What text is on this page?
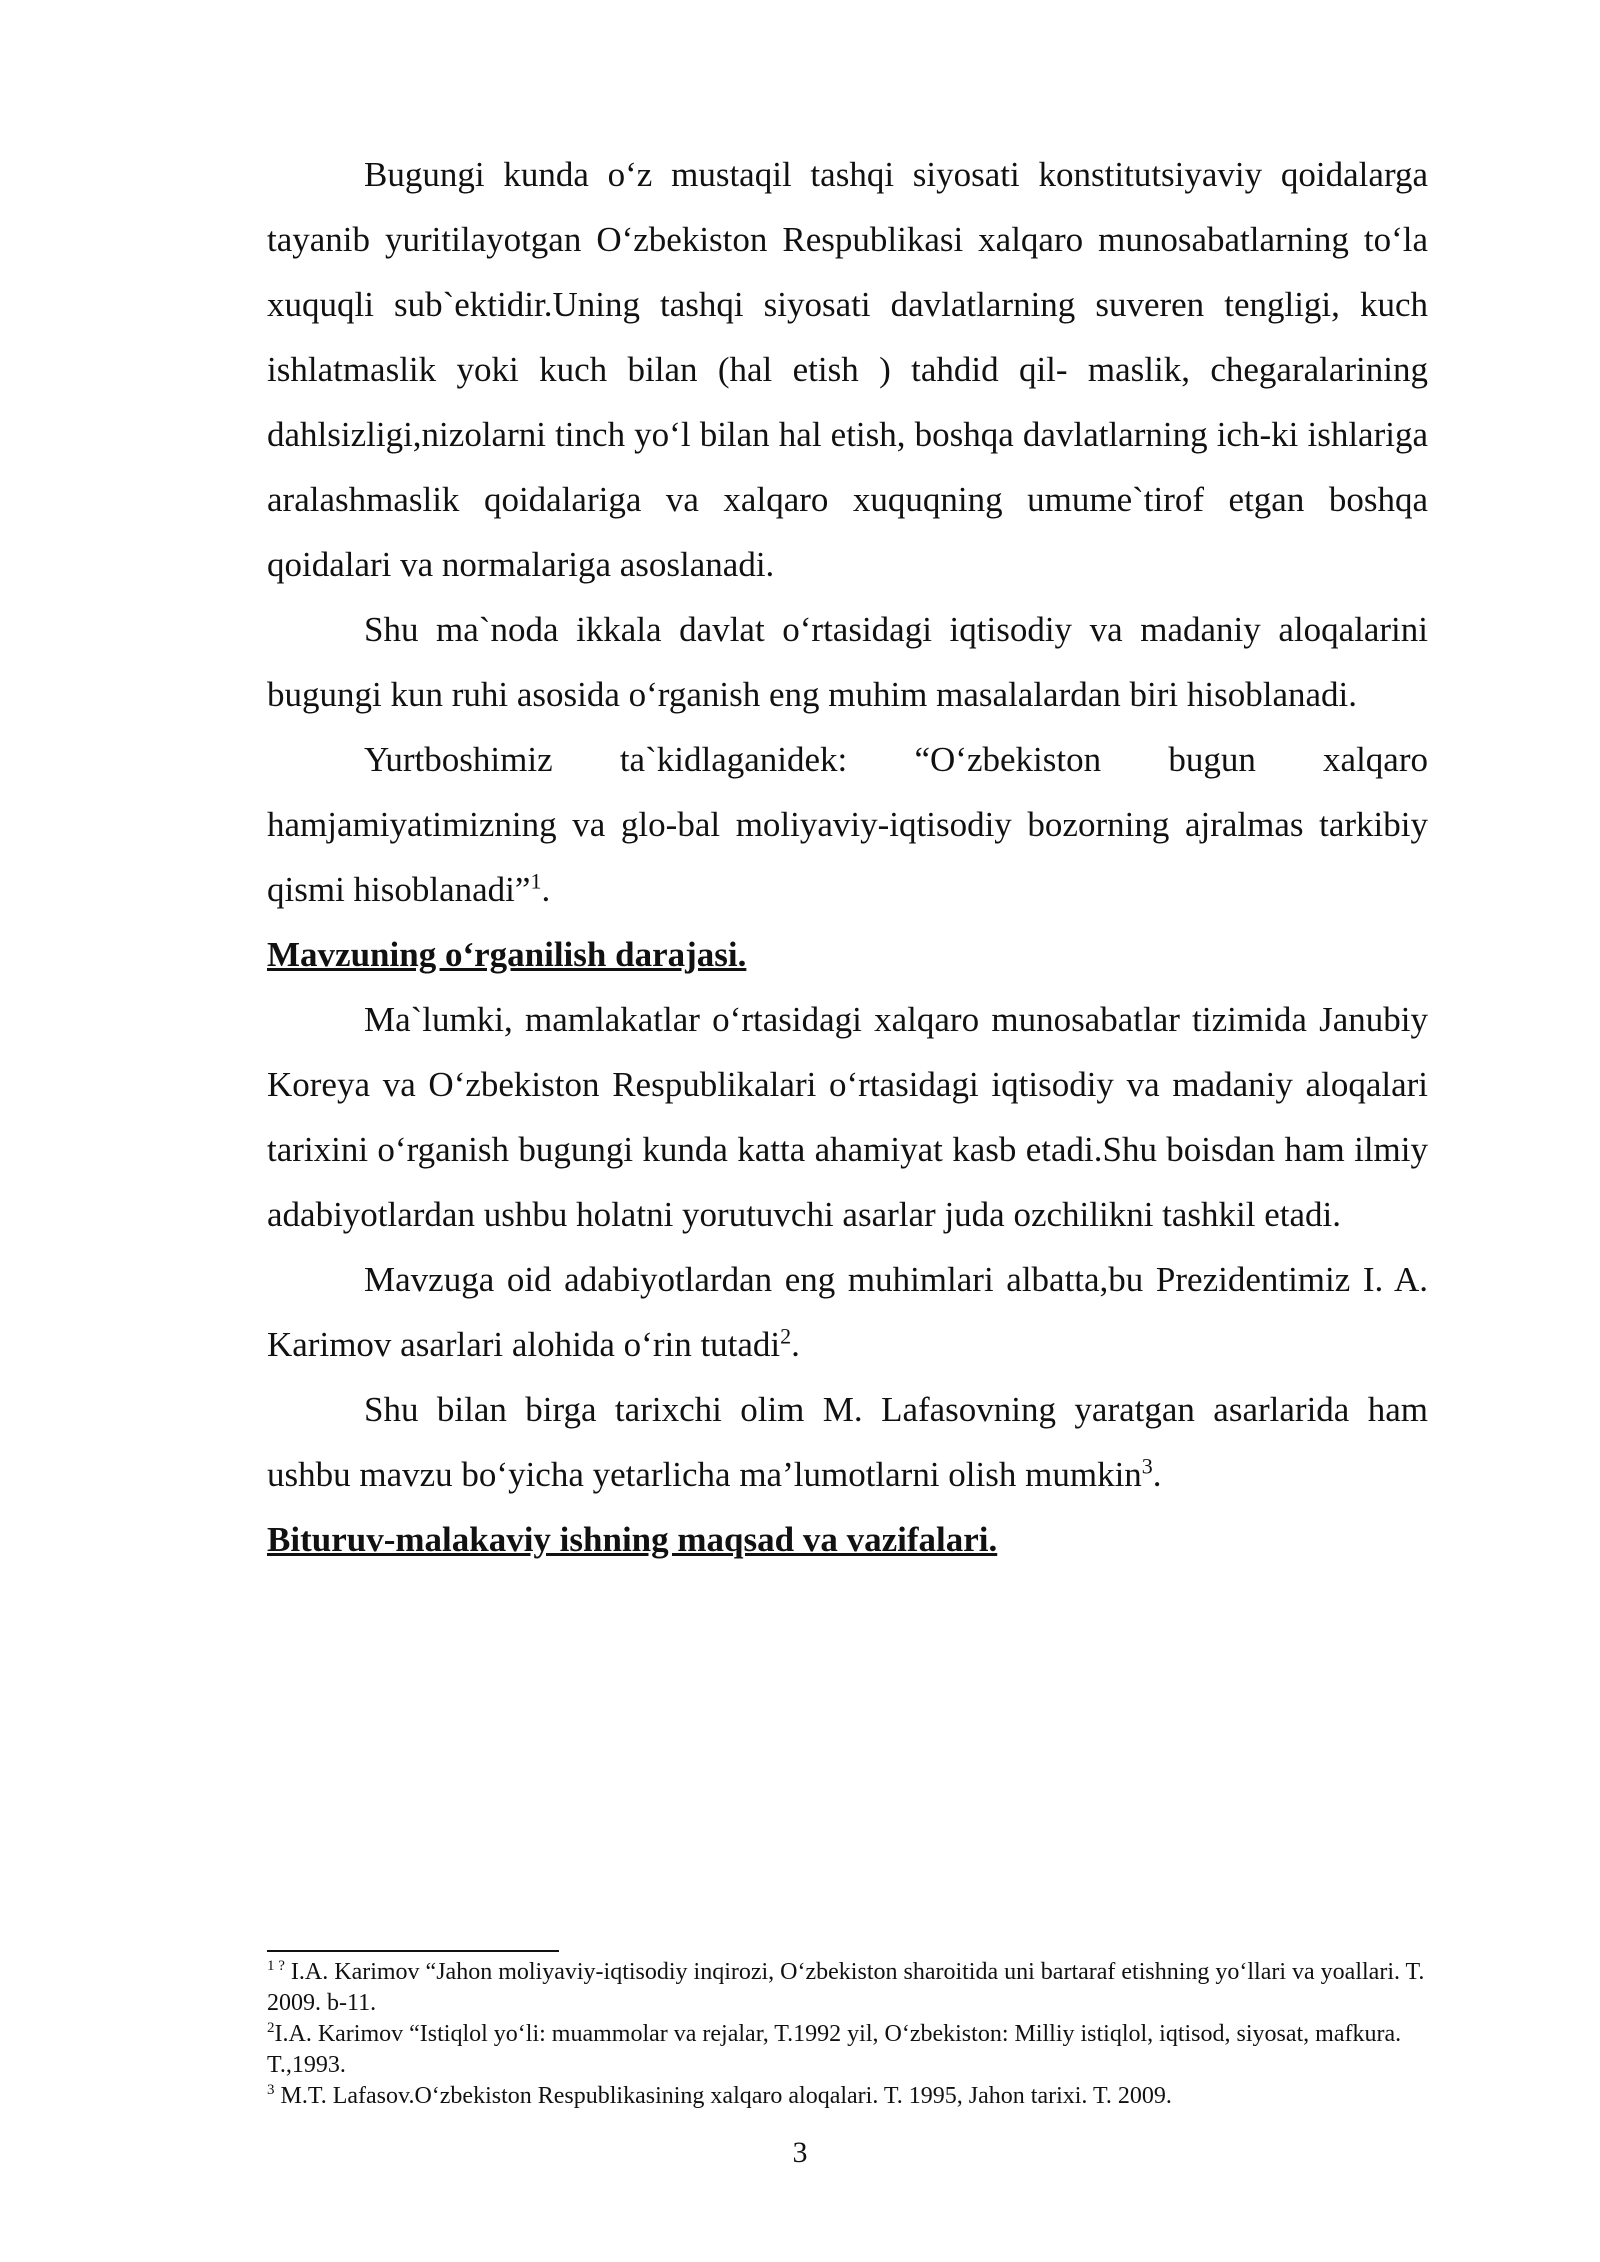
Bugungi kunda o‘z mustaqil tashqi siyosati konstitutsiyaviy qoidalarga tayanib yuritilayotgan O‘zbekiston Respublikasi xalqaro munosabatlarning to‘la xuquqli sub`ektidir.Uning tashqi siyosati davlatlarning suveren tengligi, kuch ishlatmaslik yoki kuch bilan (hal etish ) tahdid qil- maslik, chegaralarining dahlsizligi,nizolarni tinch yo‘l bilan hal etish, boshqa davlatlarning ich-ki ishlariga aralashmaslik qoidalariga va xalqaro xuquqning umume`tirof etgan boshqa qoidalari va normalariga asoslanadi.

Shu ma`noda ikkala davlat o‘rtasidagi iqtisodiy va madaniy aloqalarini bugungi kun ruhi asosida o‘rganish eng muhim masalalardan biri hisoblanadi.

Yurtboshimiz ta`kidlaganidek: “O‘zbekiston bugun xalqaro hamjamiyatimizning va glo-bal moliyaviy-iqtisodiy bozorning ajralmas tarkibiy qismi hisoblanadi”$^1$.

Mavzuning o‘rganilish darajasi.

Ma`lumki, mamlakatlar o‘rtasidagi xalqaro munosabatlar tizimida Janubiy Koreya va O‘zbekiston Respublikalari o‘rtasidagi iqtisodiy va madaniy aloqalari tarixini o‘rganish bugungi kunda katta ahamiyat kasb etadi.Shu boisdan ham ilmiy adabiyotlardan ushbu holatni yorutuvchi asarlar juda ozchilikni tashkil etadi.

Mavzuga oid adabiyotlardan eng muhimlari albatta,bu Prezidentimiz I. A. Karimov asarlari alohida o‘rin tutadi$^2$.

Shu bilan birga tarixchi olim M. Lafasovning yaratgan asarlarida ham ushbu mavzu bo‘yicha yetarlicha ma’lumotlarni olish mumkin$^3$.

Bituruv-malakaviy ishning maqsad va vazifalari.

$^{1 ?}$ I.A. Karimov “Jahon moliyaviy-iqtisodiy inqirozi, O‘zbekiston sharoitida uni bartaraf etishning yo‘llari va yoallari. T. 2009. b-11.

$^2$I.A. Karimov “Istiqlol yo‘li: muammolar va rejalar, T.1992 yil, O‘zbekiston: Milliy istiqlol, iqtisod, siyosat, mafkura. T.,1993.

$^3$ M.T. Lafasov.O‘zbekiston Respublikasining xalqaro aloqalari. T. 1995, Jahon tarixi. T. 2009.

3
